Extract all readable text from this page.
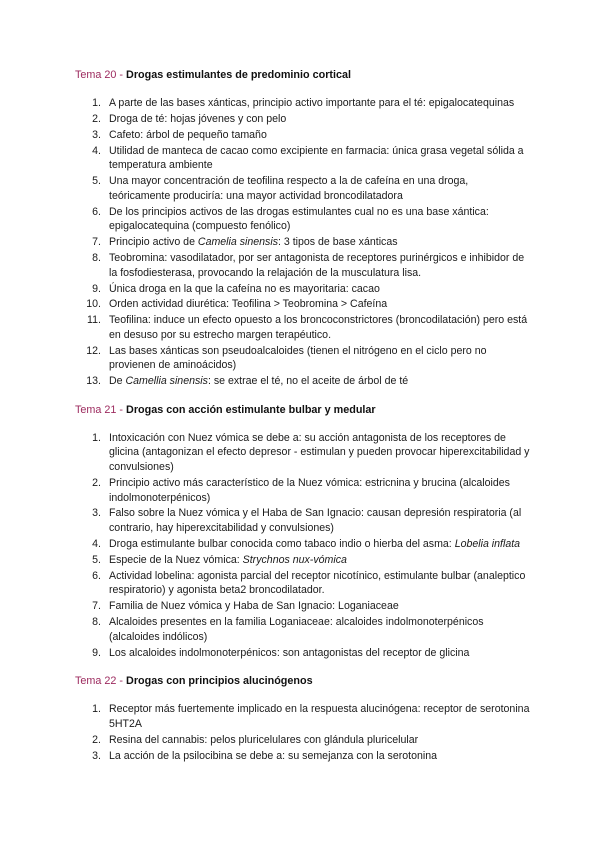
Tema 20 - Drogas estimulantes de predominio cortical
1. A parte de las bases xánticas, principio activo importante para el té: epigalocatequinas
2. Droga de té: hojas jóvenes y con pelo
3. Cafeto: árbol de pequeño tamaño
4. Utilidad de manteca de cacao como excipiente en farmacia: única grasa vegetal sólida a temperatura ambiente
5. Una mayor concentración de teofilina respecto a la de cafeína en una droga, teóricamente produciría: una mayor actividad broncodilatadora
6. De los principios activos de las drogas estimulantes cual no es una base xántica: epigalocatequina (compuesto fenólico)
7. Principio activo de Camelia sinensis: 3 tipos de base xánticas
8. Teobromina: vasodilatador, por ser antagonista de receptores purinérgicos e inhibidor de la fosfodiesterasa, provocando la relajación de la musculatura lisa.
9. Única droga en la que la cafeína no es mayoritaria: cacao
10. Orden actividad diurética: Teofilina > Teobromina > Cafeína
11. Teofilina: induce un efecto opuesto a los broncoconstrictores (broncodilatación) pero está en desuso por su estrecho margen terapéutico.
12. Las bases xánticas son pseudoalcaloides (tienen el nitrógeno en el ciclo pero no provienen de aminoácidos)
13. De Camellia sinensis: se extrae el té, no el aceite de árbol de té
Tema 21 - Drogas con acción estimulante bulbar y medular
1. Intoxicación con Nuez vómica se debe a: su acción antagonista de los receptores de glicina (antagonizan el efecto depresor - estimulan y pueden provocar hiperexcitabilidad y convulsiones)
2. Principio activo más característico de la Nuez vómica: estricnina y brucina (alcaloides indolmonoterpénicos)
3. Falso sobre la Nuez vómica y el Haba de San Ignacio: causan depresión respiratoria (al contrario, hay hiperexcitabilidad y convulsiones)
4. Droga estimulante bulbar conocida como tabaco indio o hierba del asma: Lobelia inflata
5. Especie de la Nuez vómica: Strychnos nux-vómica
6. Actividad lobelina: agonista parcial del receptor nicotínico, estimulante bulbar (analeptico respiratorio) y agonista beta2 broncodilatador.
7. Familia de Nuez vómica y Haba de San Ignacio: Loganiaceae
8. Alcaloides presentes en la familia Loganiaceae: alcaloides indolmonoterpénicos (alcaloides indólicos)
9. Los alcaloides indolmonoterpénicos: son antagonistas del receptor de glicina
Tema 22 - Drogas con principios alucinógenos
1. Receptor más fuertemente implicado en la respuesta alucinógena: receptor de serotonina 5HT2A
2. Resina del cannabis: pelos pluricelulares con glándula pluricelular
3. La acción de la psilocibina se debe a: su semejanza con la serotonina
